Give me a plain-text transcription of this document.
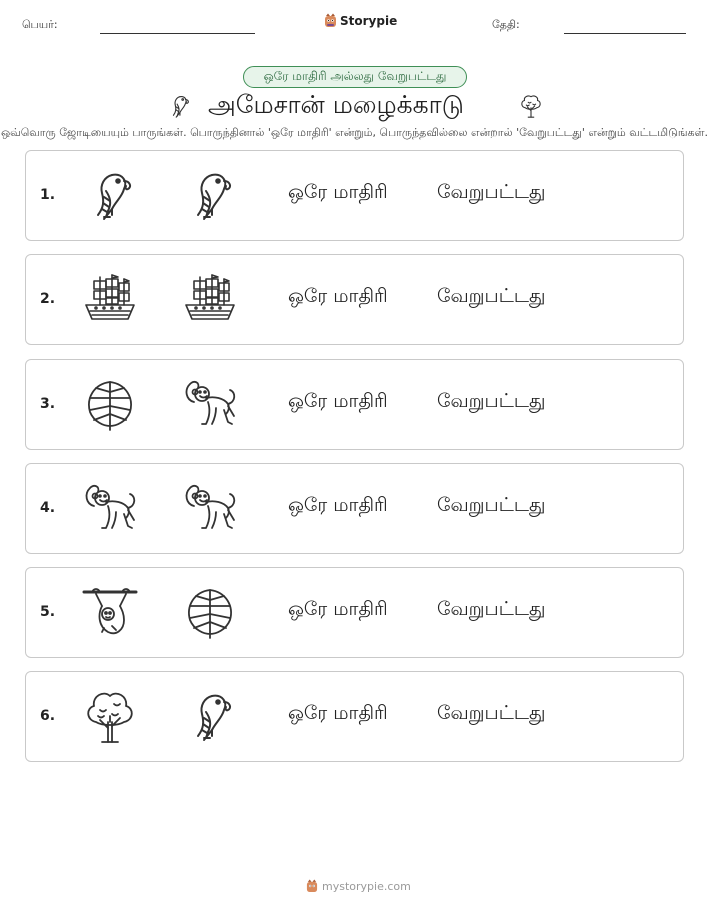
பெயர்:	Storypie	தேதி:
ஒரே மாதிரி அல்லது வேறுபட்டது
அமேசான் மழைக்காடு
ஒவ்வொரு ஜோடியையும் பாருங்கள். பொருந்தினால் 'ஒரே மாதிரி' என்றும், பொருந்தவில்லை என்றால் 'வேறுபட்டது' என்றும் வட்டமிடுங்கள்.
1.	ஒரே மாதிரி	வேறுபட்டது
2.	ஒரே மாதிரி	வேறுபட்டது
3.	ஒரே மாதிரி	வேறுபட்டது
4.	ஒரே மாதிரி	வேறுபட்டது
5.	ஒரே மாதிரி	வேறுபட்டது
6.	ஒரே மாதிரி	வேறுபட்டது
mystorypie.com
